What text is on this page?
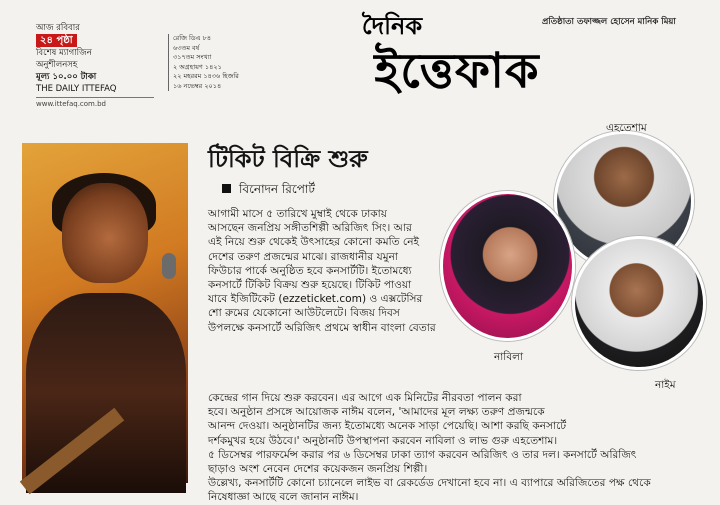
আজ রবিবার
২৪ পৃষ্ঠা
বিশেষ ম্যাগাজিন
অনুশীলনসহ
মূল্য ১০.০০ টাকা
THE DAILY ITTEFAQ
www.ittefaq.com.bd
রেজি ডিএ ৮৪
৬৩তম বর্ষ
৩১৭তম সংখ্যা
২ অগ্রহায়ণ ১৪২১
২২ মহররম ১৪৩৬ হিজরি
১৬ নভেম্বর ২০১৪
দৈনিক
ইত্তেফাক
প্রতিষ্ঠাতা তফাজ্জল হোসেন মানিক মিয়া
টিকিট বিক্রি শুরু
বিনোদন রিপোর্ট

আগামী মাসে ৫ তারিখে মুম্বাই থেকে ঢাকায়

আসছেন জনপ্রিয় সঙ্গীতশিল্পী অরিজিৎ সিং। আর

এই নিয়ে শুরু থেকেই উৎসাহের কোনো কমতি নেই

দেশের তরুণ প্রজন্মের মাঝে। রাজধানীর যমুনা

ফিউচার পার্কে অনুষ্ঠিত হবে কনসার্টটি। ইতোমধ্যে

কনসার্টে টিকিট বিক্রয় শুরু হয়েছে। টিকিট পাওয়া

যাবে ইজিটিকেট (ezzeticket.com) ও এক্সটেসির

শো রুমের যেকোনো আউটলেটে। বিজয় দিবস

উপলক্ষে কনসার্টে অরিজিৎ প্রথমে স্বাধীন বাংলা বেতার

কেন্দ্রের গান দিয়ে শুরু করবেন। এর আগে এক মিনিটের নীরবতা পালন করা

হবে। অনুষ্ঠান প্রসঙ্গে আয়োজক নাঈম বলেন, 'আমাদের মূল লক্ষ্য তরুণ প্রজন্মকে

আনন্দ দেওয়া। অনুষ্ঠানটির জন্য ইতোমধ্যে অনেক সাড়া পেয়েছি। আশা করছি কনসার্টে

দর্শকমুখর হয়ে উঠবে।' অনুষ্ঠানটি উপস্থাপনা করবেন নাবিলা ও লাভ গুরু এহতেশাম।

৫ ডিসেম্বর পারফর্মেন্স করার পর ৬ ডিসেম্বর ঢাকা ত্যাগ করবেন অরিজিৎ ও তার দল। কনসার্টে অরিজিৎ

ছাড়াও অংশ নেবেন দেশের কয়েকজন জনপ্রিয় শিল্পী।

উল্লেখ্য, কনসার্টটি কোনো চ্যানেলে লাইভ বা রেকর্ডেড দেখানো হবে না। এ ব্যাপারে অরিজিতের পক্ষ থেকে

নিষেধাজ্ঞা আছে বলে জানান নাঈম।

এহতেশাম
নাবিলা
নাইম
